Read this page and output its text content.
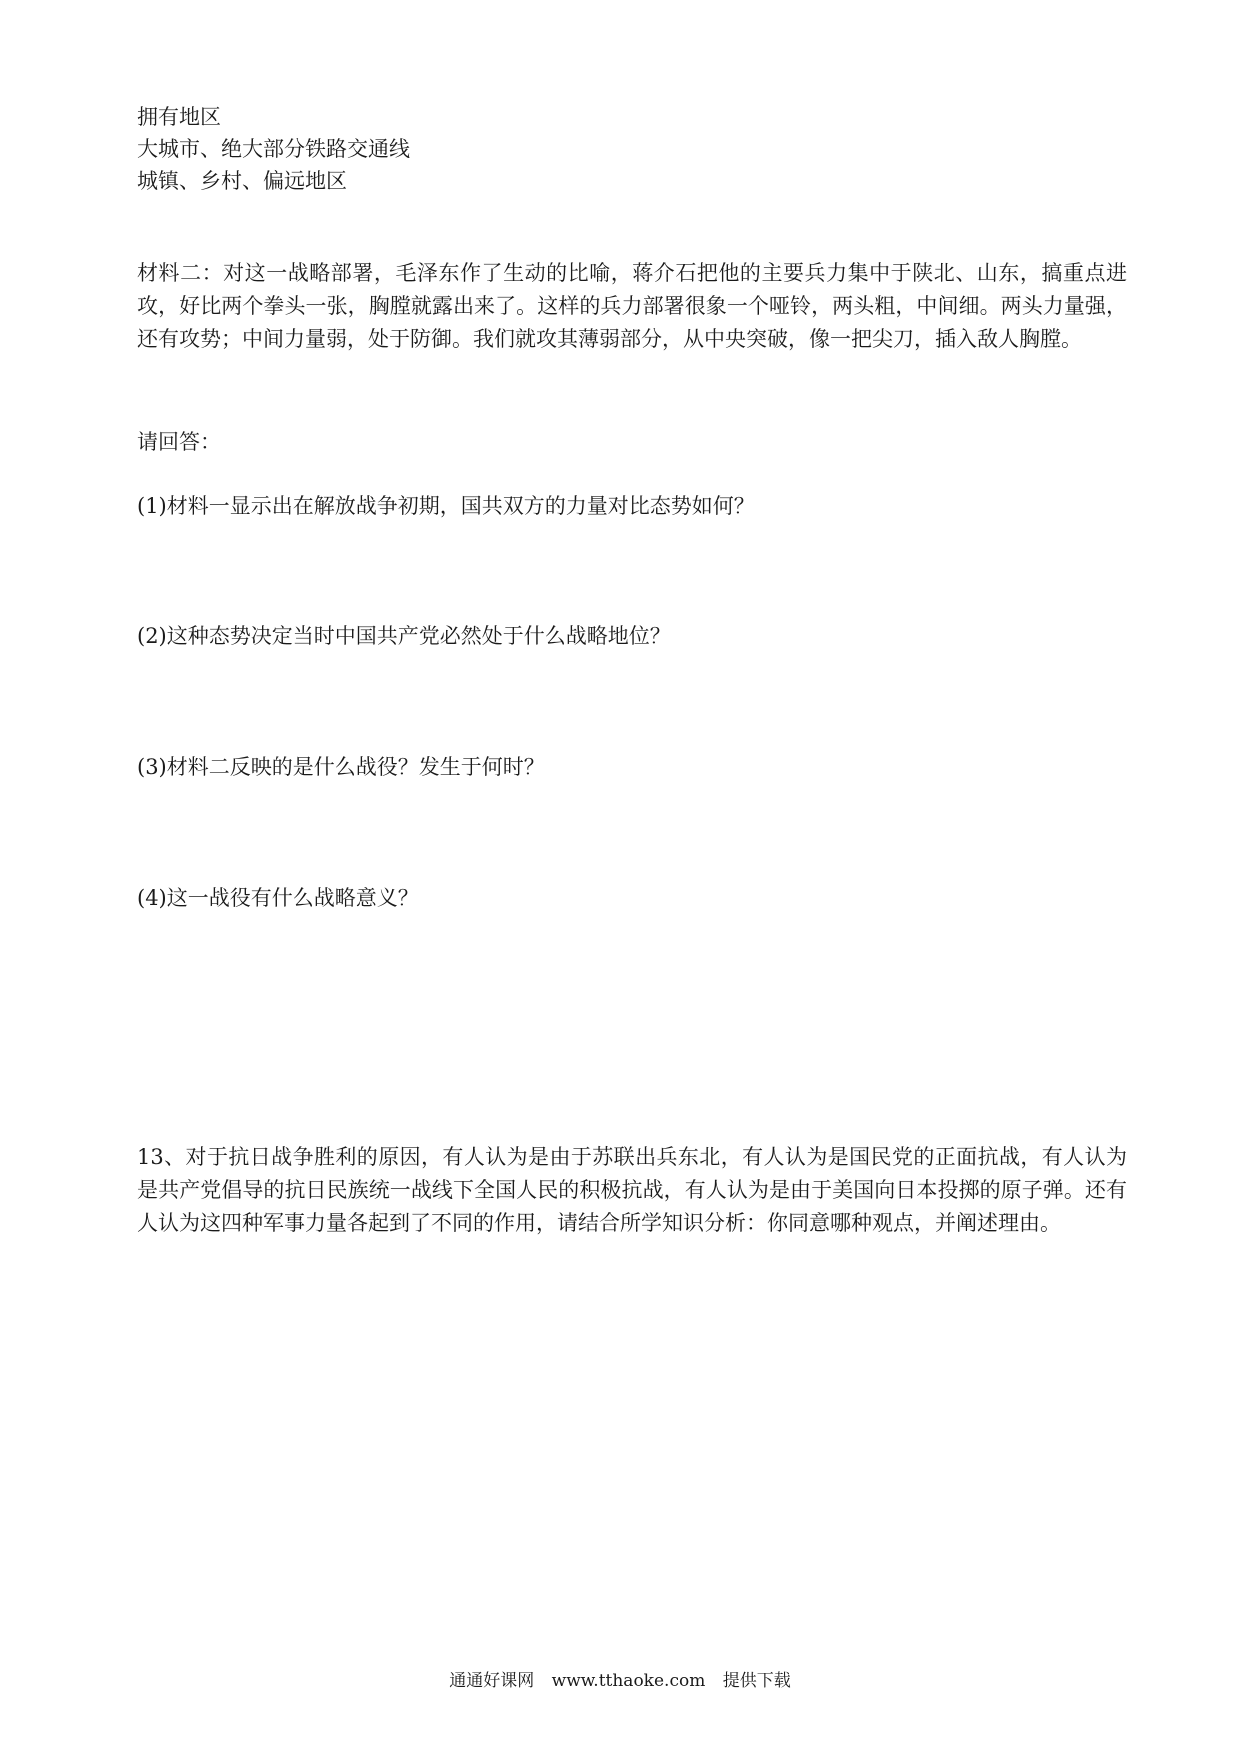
拥有地区

大城市、绝大部分铁路交通线

城镇、乡村、偏远地区

材料二：对这一战略部署，毛泽东作了生动的比喻，蒋介石把他的主要兵力集中于陕北、山东，搞重点进攻，好比两个拳头一张，胸膛就露出来了。这样的兵力部署很象一个哑铃，两头粗，中间细。两头力量强，还有攻势；中间力量弱，处于防御。我们就攻其薄弱部分，从中央突破，像一把尖刀，插入敌人胸膛。

请回答：

(1)材料一显示出在解放战争初期，国共双方的力量对比态势如何？

(2)这种态势决定当时中国共产党必然处于什么战略地位？

(3)材料二反映的是什么战役？发生于何时？

(4)这一战役有什么战略意义？

13、对于抗日战争胜利的原因，有人认为是由于苏联出兵东北，有人认为是国民党的正面抗战，有人认为是共产党倡导的抗日民族统一战线下全国人民的积极抗战，有人认为是由于美国向日本投掷的原子弹。还有人认为这四种军事力量各起到了不同的作用，请结合所学知识分析：你同意哪种观点，并阐述理由。

通通好课网 www.tthaoke.com 提供下载
